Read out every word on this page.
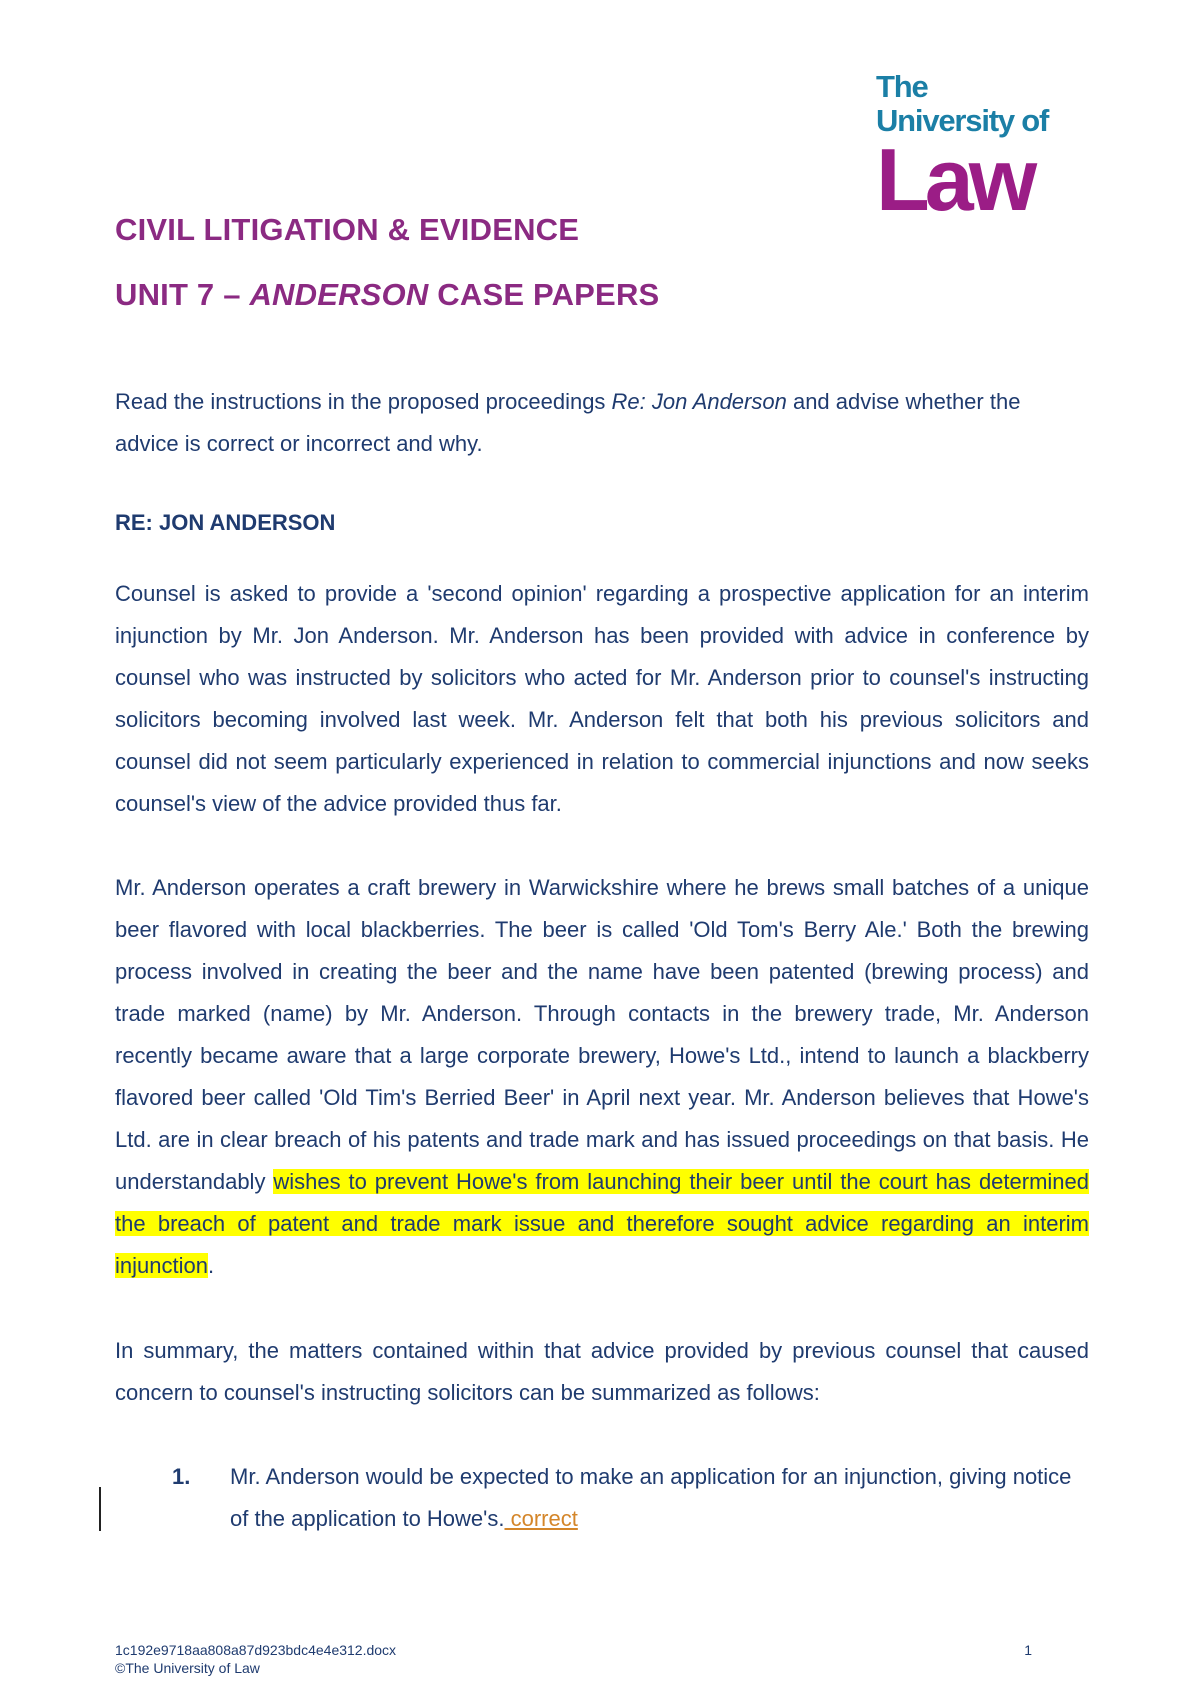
The
University of
Law
CIVIL LITIGATION & EVIDENCE
UNIT 7 – ANDERSON CASE PAPERS

Read the instructions in the proposed proceedings Re: Jon Anderson and advise whether the advice is correct or incorrect and why.

RE: JON ANDERSON

Counsel is asked to provide a 'second opinion' regarding a prospective application for an interim injunction by Mr. Jon Anderson. Mr. Anderson has been provided with advice in conference by counsel who was instructed by solicitors who acted for Mr. Anderson prior to counsel's instructing solicitors becoming involved last week. Mr. Anderson felt that both his previous solicitors and counsel did not seem particularly experienced in relation to commercial injunctions and now seeks counsel's view of the advice provided thus far.

Mr. Anderson operates a craft brewery in Warwickshire where he brews small batches of a unique beer flavored with local blackberries. The beer is called 'Old Tom's Berry Ale.' Both the brewing process involved in creating the beer and the name have been patented (brewing process) and trade marked (name) by Mr. Anderson. Through contacts in the brewery trade, Mr. Anderson recently became aware that a large corporate brewery, Howe's Ltd., intend to launch a blackberry flavored beer called 'Old Tim's Berried Beer' in April next year. Mr. Anderson believes that Howe's Ltd. are in clear breach of his patents and trade mark and has issued proceedings on that basis. He understandably wishes to prevent Howe's from launching their beer until the court has determined the breach of patent and trade mark issue and therefore sought advice regarding an interim injunction.

In summary, the matters contained within that advice provided by previous counsel that caused concern to counsel's instructing solicitors can be summarized as follows:

1. Mr. Anderson would be expected to make an application for an injunction, giving notice of the application to Howe's. correct
1c192e9718aa808a87d923bdc4e4e312.docx
©The University of Law
1
